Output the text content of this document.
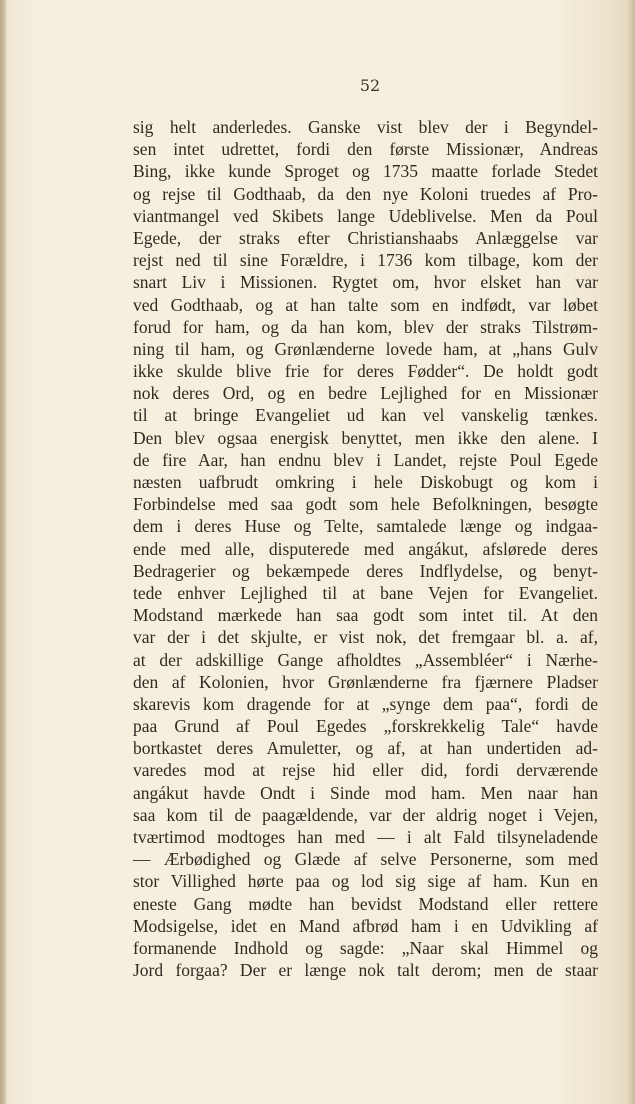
52
sig helt anderledes. Ganske vist blev der i Begyndel-
sen intet udrettet, fordi den første Missionær, Andreas
Bing, ikke kunde Sproget og 1735 maatte forlade Stedet
og rejse til Godthaab, da den nye Koloni truedes af Pro-
viantmangel ved Skibets lange Udeblivelse. Men da Poul
Egede, der straks efter Christianshaabs Anlæggelse var
rejst ned til sine Forældre, i 1736 kom tilbage, kom der
snart Liv i Missionen. Rygtet om, hvor elsket han var
ved Godthaab, og at han talte som en indfødt, var løbet
forud for ham, og da han kom, blev der straks Tilstrøm-
ning til ham, og Grønlænderne lovede ham, at „hans Gulv
ikke skulde blive frie for deres Fødder“. De holdt godt
nok deres Ord, og en bedre Lejlighed for en Missionær
til at bringe Evangeliet ud kan vel vanskelig tænkes.
Den blev ogsaa energisk benyttet, men ikke den alene. I
de fire Aar, han endnu blev i Landet, rejste Poul Egede
næsten uafbrudt omkring i hele Diskobugt og kom i
Forbindelse med saa godt som hele Befolkningen, besøgte
dem i deres Huse og Telte, samtalede længe og indgaa-
ende med alle, disputerede med angákut, afslørede deres
Bedragerier og bekæmpede deres Indflydelse, og benyt-
tede enhver Lejlighed til at bane Vejen for Evangeliet.
Modstand mærkede han saa godt som intet til. At den
var der i det skjulte, er vist nok, det fremgaar bl. a. af,
at der adskillige Gange afholdtes „Assembléer“ i Nærhe-
den af Kolonien, hvor Grønlænderne fra fjærnere Pladser
skarevis kom dragende for at „synge dem paa“, fordi de
paa Grund af Poul Egedes „forskrekkelig Tale“ havde
bortkastet deres Amuletter, og af, at han undertiden ad-
varedes mod at rejse hid eller did, fordi derværende
angákut havde Ondt i Sinde mod ham. Men naar han
saa kom til de paagældende, var der aldrig noget i Vejen,
tværtimod modtoges han med — i alt Fald tilsyneladende
— Ærbødighed og Glæde af selve Personerne, som med
stor Villighed hørte paa og lod sig sige af ham. Kun en
eneste Gang mødte han bevidst Modstand eller rettere
Modsigelse, idet en Mand afbrød ham i en Udvikling af
formanende Indhold og sagde: „Naar skal Himmel og
Jord forgaa? Der er længe nok talt derom; men de staar
